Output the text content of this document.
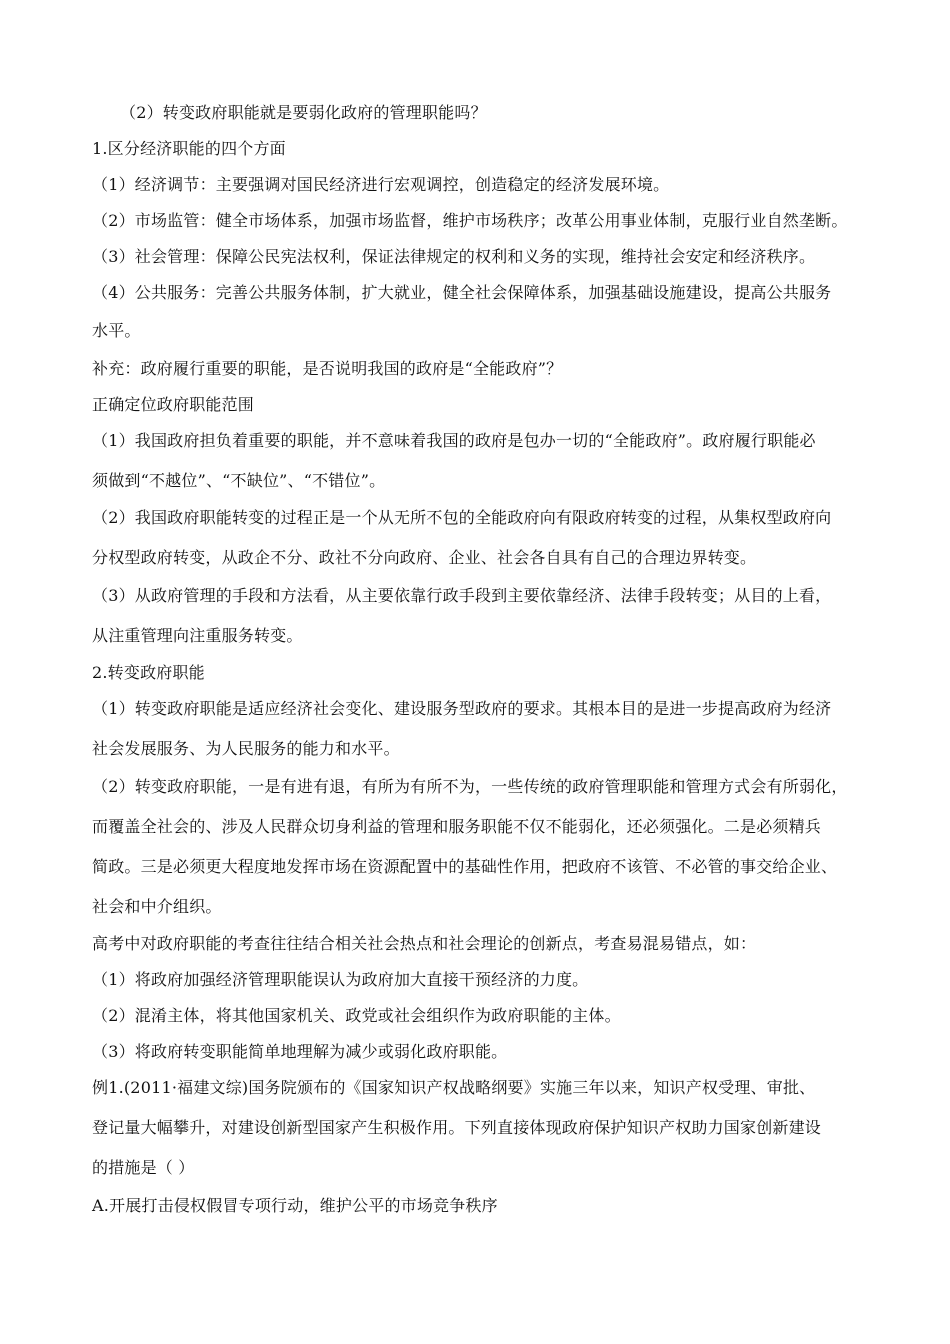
（2）转变政府职能就是要弱化政府的管理职能吗？
1.区分经济职能的四个方面
（1）经济调节：主要强调对国民经济进行宏观调控，创造稳定的经济发展环境。
（2）市场监管：健全市场体系，加强市场监督，维护市场秩序；改革公用事业体制，克服行业自然垄断。
（3）社会管理：保障公民宪法权利，保证法律规定的权利和义务的实现，维持社会安定和经济秩序。
（4）公共服务：完善公共服务体制，扩大就业，健全社会保障体系，加强基础设施建设，提高公共服务
水平。
补充：政府履行重要的职能，是否说明我国的政府是“全能政府”？
正确定位政府职能范围
（1）我国政府担负着重要的职能，并不意味着我国的政府是包办一切的“全能政府”。政府履行职能必
须做到“不越位”、“不缺位”、“不错位”。
（2）我国政府职能转变的过程正是一个从无所不包的全能政府向有限政府转变的过程，从集权型政府向
分权型政府转变，从政企不分、政社不分向政府、企业、社会各自具有自己的合理边界转变。
（3）从政府管理的手段和方法看，从主要依靠行政手段到主要依靠经济、法律手段转变；从目的上看，
从注重管理向注重服务转变。
2.转变政府职能
（1）转变政府职能是适应经济社会变化、建设服务型政府的要求。其根本目的是进一步提高政府为经济
社会发展服务、为人民服务的能力和水平。
（2）转变政府职能，一是有进有退，有所为有所不为，一些传统的政府管理职能和管理方式会有所弱化，
而覆盖全社会的、涉及人民群众切身利益的管理和服务职能不仅不能弱化，还必须强化。二是必须精兵
简政。三是必须更大程度地发挥市场在资源配置中的基础性作用，把政府不该管、不必管的事交给企业、
社会和中介组织。
高考中对政府职能的考查往往结合相关社会热点和社会理论的创新点，考查易混易错点，如：
（1）将政府加强经济管理职能误认为政府加大直接干预经济的力度。
（2）混淆主体，将其他国家机关、政党或社会组织作为政府职能的主体。
（3）将政府转变职能简单地理解为减少或弱化政府职能。
例1.(2011·福建文综)国务院颁布的《国家知识产权战略纲要》实施三年以来，知识产权受理、审批、
登记量大幅攀升，对建设创新型国家产生积极作用。下列直接体现政府保护知识产权助力国家创新建设
的措施是（ ）
A.开展打击侵权假冒专项行动，维护公平的市场竞争秩序
